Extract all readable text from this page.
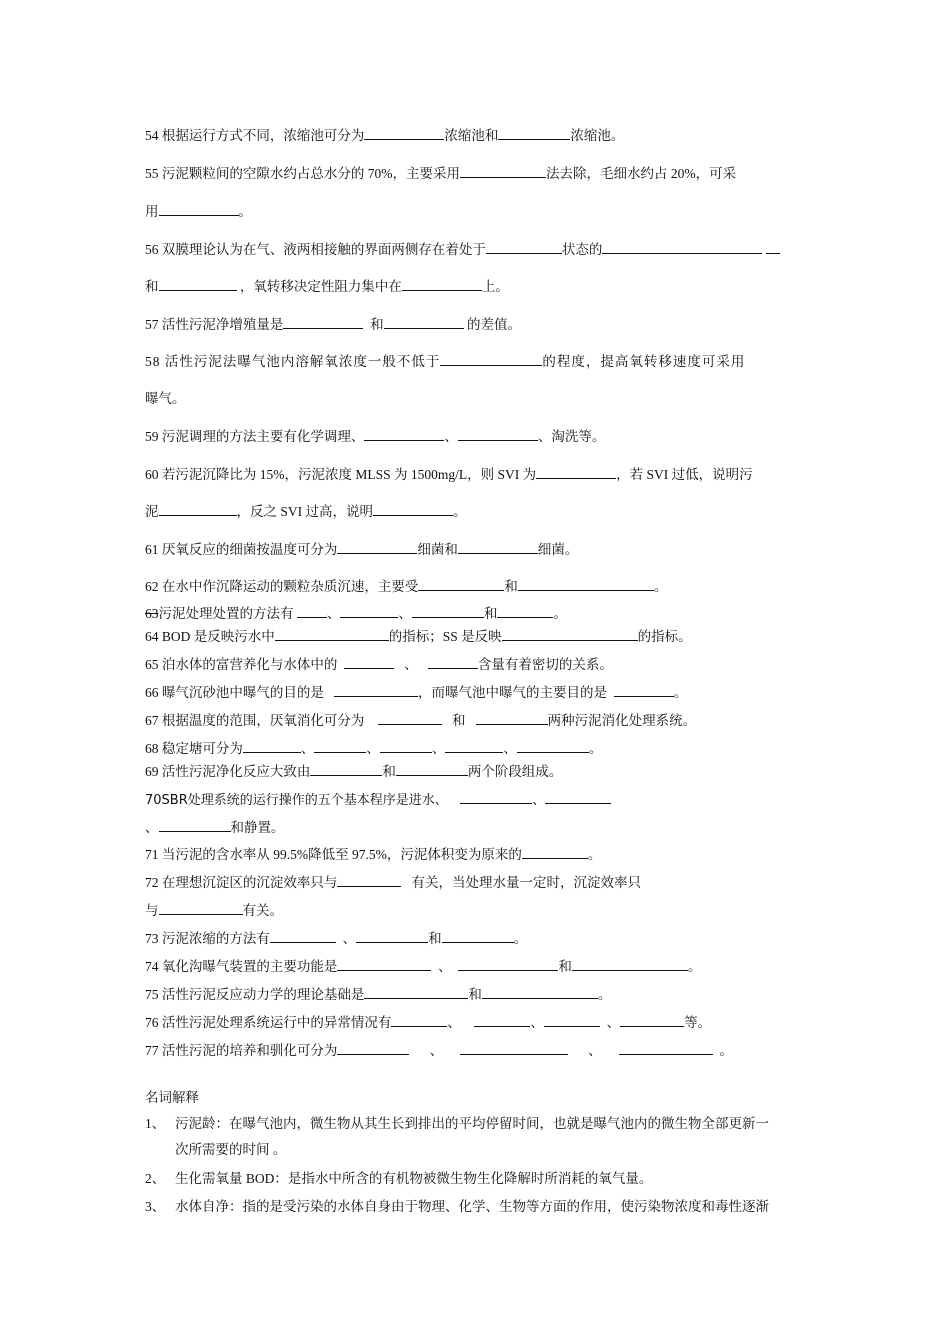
54 根据运行方式不同，浓缩池可分为	浓缩池和	浓缩池。
55 污泥颗粒间的空隙水约占总水分的 70%，主要采用	法去除，毛细水约占 20%，可采
用	。
56 双膜理论认为在气、液两相接触的界面两侧存在着处于	状态的
和	，氧转移决定性阻力集中在	上。
57 活性污泥净增殖量是	和	的差值。
58 活性污泥法曝气池内溶解氧浓度一般不低于	的程度，提高氧转移速度可采用
曝气。
59 污泥调理的方法主要有化学调理、	、	、淘洗等。
60 若污泥沉降比为 15%，污泥浓度 MLSS 为 1500mg/L，则 SVI 为	，若 SVI 过低，说明污
泥	，反之 SVI 过高，说明	。
61 厌氧反应的细菌按温度可分为	细菌和	细菌。
62 在水中作沉降运动的颗粒杂质沉速，主要受	和	。
63污泥处理处置的方法有 、	、	和	。
64 BOD 是反映污水中	的指标；SS 是反映	的指标。
65 泊水体的富营养化与水体中的	、	含量有着密切的关系。
66 曝气沉砂池中曝气的目的是	，而曝气池中曝气的主要目的是	。
67 根据温度的范围，厌氧消化可分为	和	两种污泥消化处理系统。
68 稳定塘可分为	、	、	、	、	。
69 活性污泥净化反应大致由	和	两个阶段组成。
70SBR处理系统的运行操作的五个基本程序是进水、	、
、	和静置。
71 当污泥的含水率从 99.5%降低至 97.5%，污泥体积变为原来的	。
72 在理想沉淀区的沉淀效率只与	有关，当处理水量一定时，沉淀效率只
与	有关。
73 污泥浓缩的方法有	、	和	。
74 氧化沟曝气装置的主要功能是	、	和	。
75 活性污泥反应动力学的理论基础是	和	。
76 活性污泥处理系统运行中的异常情况有	、	、	、	等。
77 活性污泥的培养和驯化可分为	、	、	。
名词解释
1、 污泥龄：在曝气池内，微生物从其生长到排出的平均停留时间，也就是曝气池内的微生物全部更新一
次所需要的时间 。
2、 生化需氧量 BOD：是指水中所含的有机物被微生物生化降解时所消耗的氧气量。
3、 水体自净：指的是受污染的水体自身由于物理、化学、生物等方面的作用，使污染物浓度和毒性逐渐
